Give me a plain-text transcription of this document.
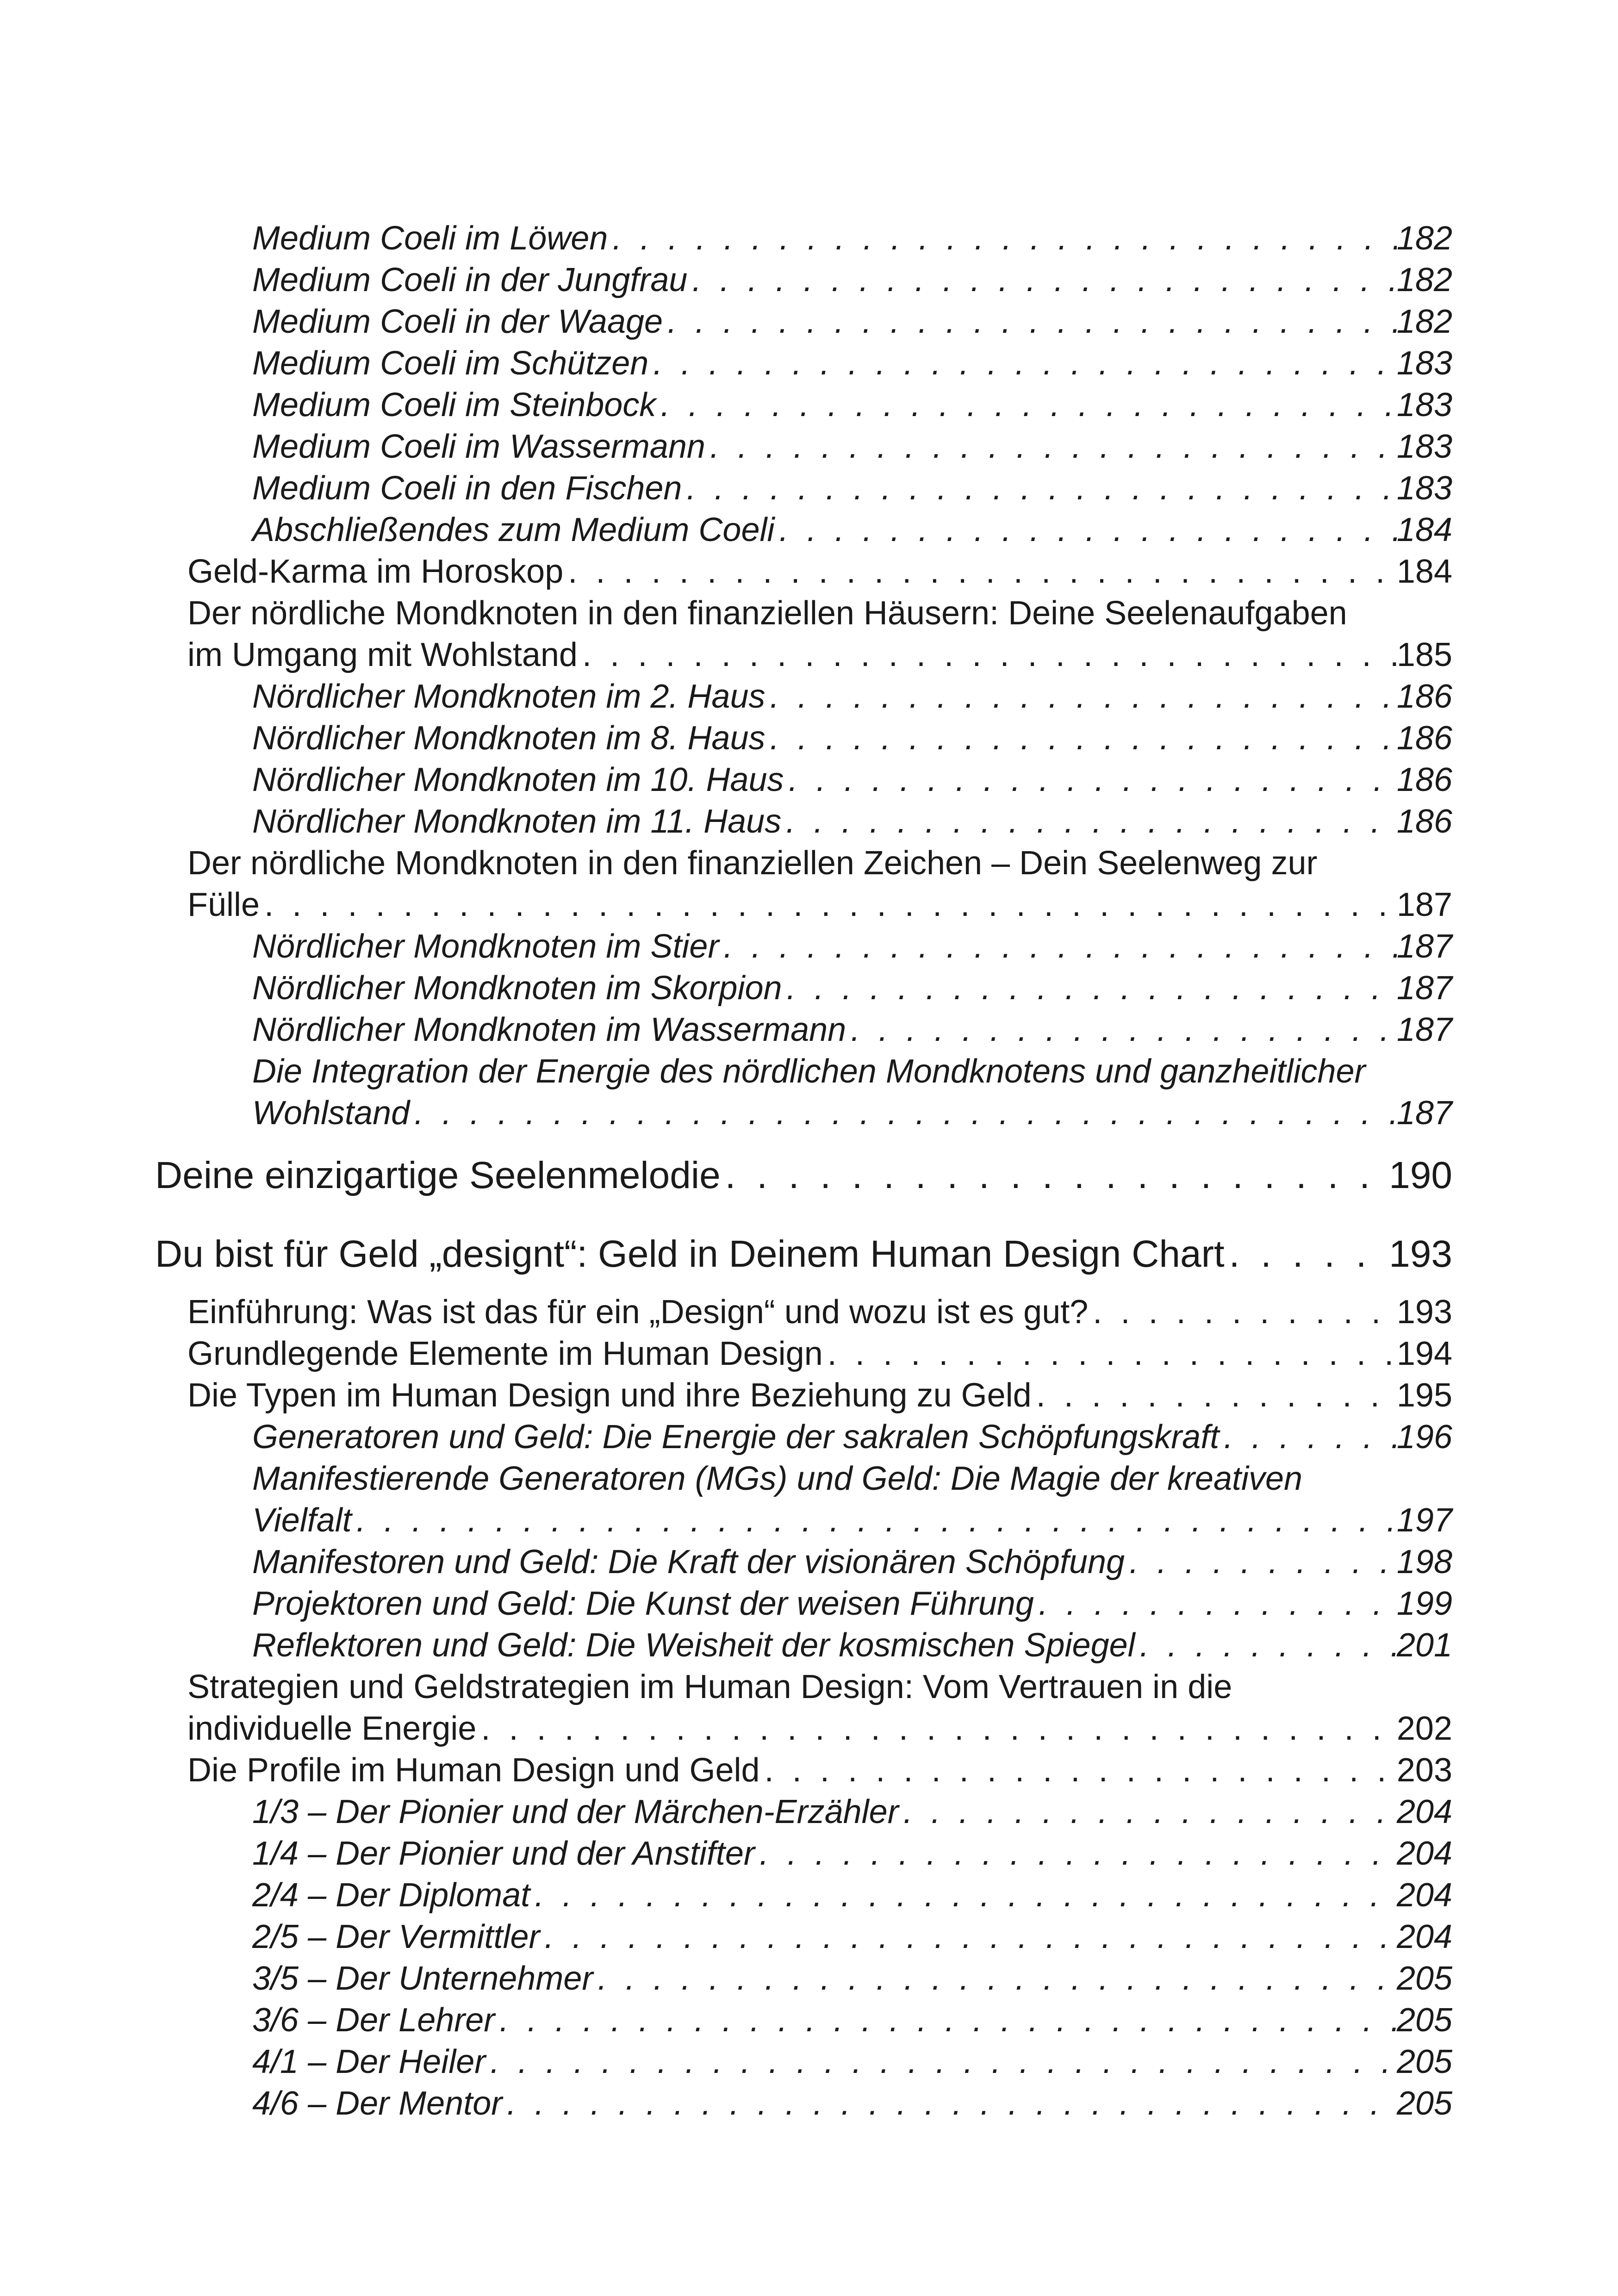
Medium Coeli im Löwen . . .	182
Medium Coeli in der Jungfrau . . .	182
Medium Coeli in der Waage . . .	182
Medium Coeli im Schützen . . .	183
Medium Coeli im Steinbock . . .	183
Medium Coeli im Wassermann . . .	183
Medium Coeli in den Fischen . . .	183
Abschließendes zum Medium Coeli . . .	184
Geld-Karma im Horoskop . . .	184
Der nördliche Mondknoten in den finanziellen Häusern: Deine Seelenaufgaben
im Umgang mit Wohlstand . . .	185
Nördlicher Mondknoten im 2. Haus . . .	186
Nördlicher Mondknoten im 8. Haus . . .	186
Nördlicher Mondknoten im 10. Haus . . .	186
Nördlicher Mondknoten im 11. Haus . . .	186
Der nördliche Mondknoten in den finanziellen Zeichen – Dein Seelenweg zur
Fülle . . .	187
Nördlicher Mondknoten im Stier . . .	187
Nördlicher Mondknoten im Skorpion . . .	187
Nördlicher Mondknoten im Wassermann . . .	187
Die Integration der Energie des nördlichen Mondknotens und ganzheitlicher
Wohlstand . . .	187
Deine einzigartige Seelenmelodie . . .	190
Du bist für Geld „designt“: Geld in Deinem Human Design Chart . . .	193
Einführung: Was ist das für ein „Design“ und wozu ist es gut? . . .	193
Grundlegende Elemente im Human Design . . .	194
Die Typen im Human Design und ihre Beziehung zu Geld . . .	195
Generatoren und Geld: Die Energie der sakralen Schöpfungskraft . . .	196
Manifestierende Generatoren (MGs) und Geld: Die Magie der kreativen
Vielfalt . . .	197
Manifestoren und Geld: Die Kraft der visionären Schöpfung . . .	198
Projektoren und Geld: Die Kunst der weisen Führung . . .	199
Reflektoren und Geld: Die Weisheit der kosmischen Spiegel . . .	201
Strategien und Geldstrategien im Human Design: Vom Vertrauen in die
individuelle Energie . . .	202
Die Profile im Human Design und Geld . . .	203
1/3 – Der Pionier und der Märchen-Erzähler . . .	204
1/4 – Der Pionier und der Anstifter . . .	204
2/4 – Der Diplomat . . .	204
2/5 – Der Vermittler . . .	204
3/5 – Der Unternehmer . . .	205
3/6 – Der Lehrer . . .	205
4/1 – Der Heiler . . .	205
4/6 – Der Mentor . . .	205
